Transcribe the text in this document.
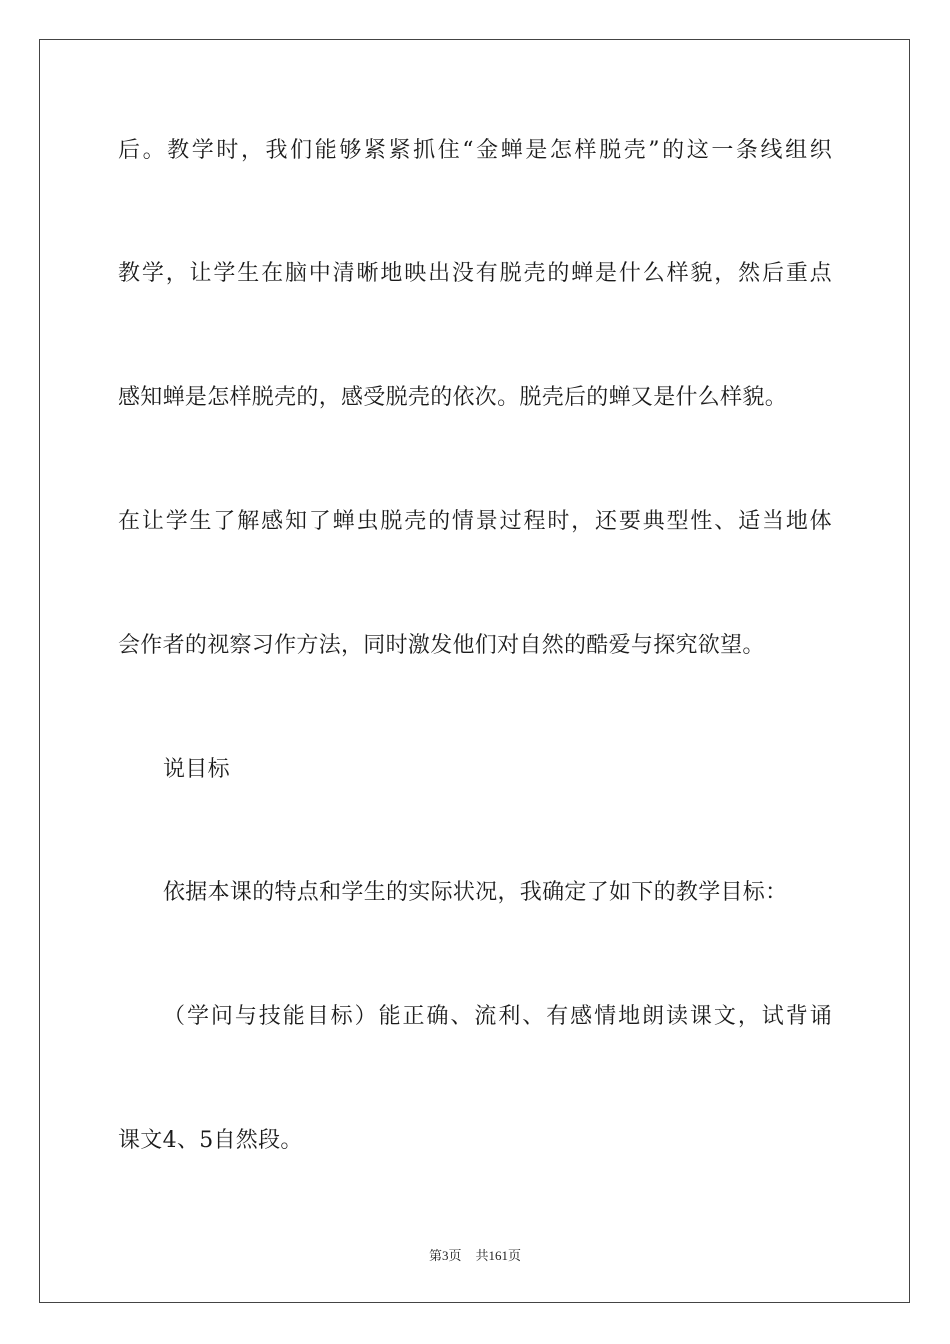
后。教学时，我们能够紧紧抓住“金蝉是怎样脱壳”的这一条线组织
教学，让学生在脑中清晰地映出没有脱壳的蝉是什么样貌，然后重点
感知蝉是怎样脱壳的，感受脱壳的依次。脱壳后的蝉又是什么样貌。
在让学生了解感知了蝉虫脱壳的情景过程时，还要典型性、适当地体
会作者的视察习作方法，同时激发他们对自然的酷爱与探究欲望。
说目标
依据本课的特点和学生的实际状况，我确定了如下的教学目标：
（学问与技能目标）能正确、流利、有感情地朗读课文，试背诵
课文4、5自然段。
第3页 共161页
